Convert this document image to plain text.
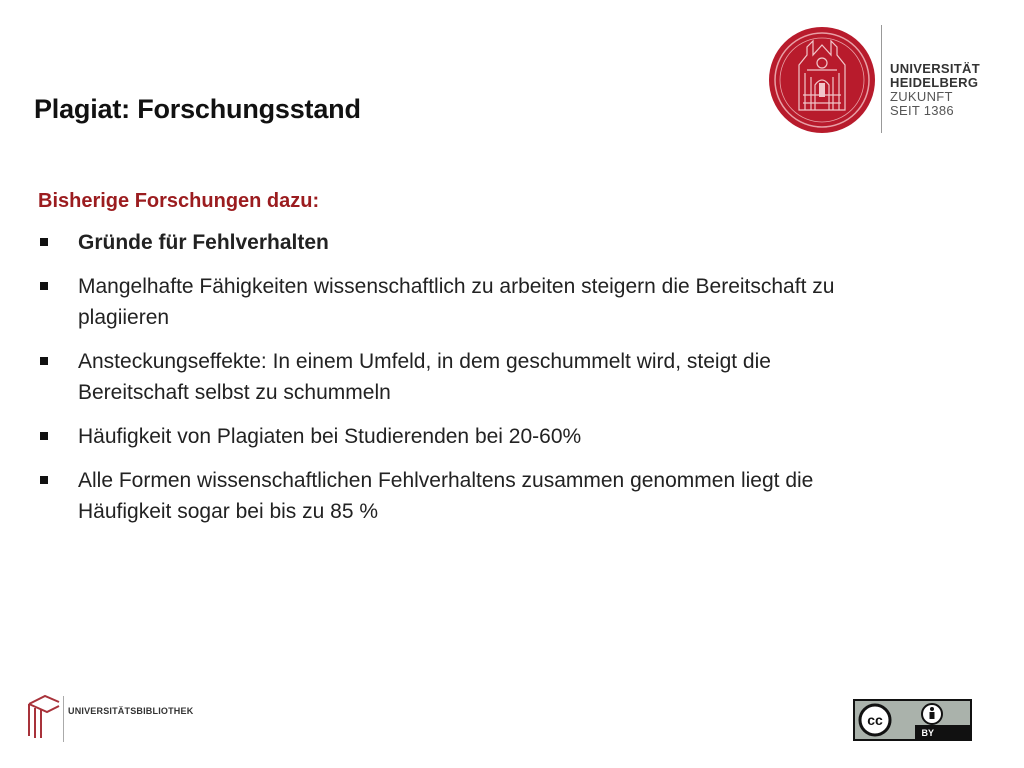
Plagiat: Forschungsstand
UNIVERSITÄT
HEIDELBERG
ZUKUNFT
SEIT 1386
Bisherige Forschungen dazu:
Gründe für Fehlverhalten
Mangelhafte Fähigkeiten wissenschaftlich zu arbeiten steigern die Bereitschaft zu plagiieren
Ansteckungseffekte: In einem Umfeld, in dem geschummelt wird, steigt die Bereitschaft selbst zu schummeln
Häufigkeit von Plagiaten bei Studierenden bei 20-60%
Alle Formen wissenschaftlichen Fehlverhaltens zusammen genommen liegt die Häufigkeit sogar bei bis zu 85 %
UNIVERSITÄTSBIBLIOTHEK
cc
BY
